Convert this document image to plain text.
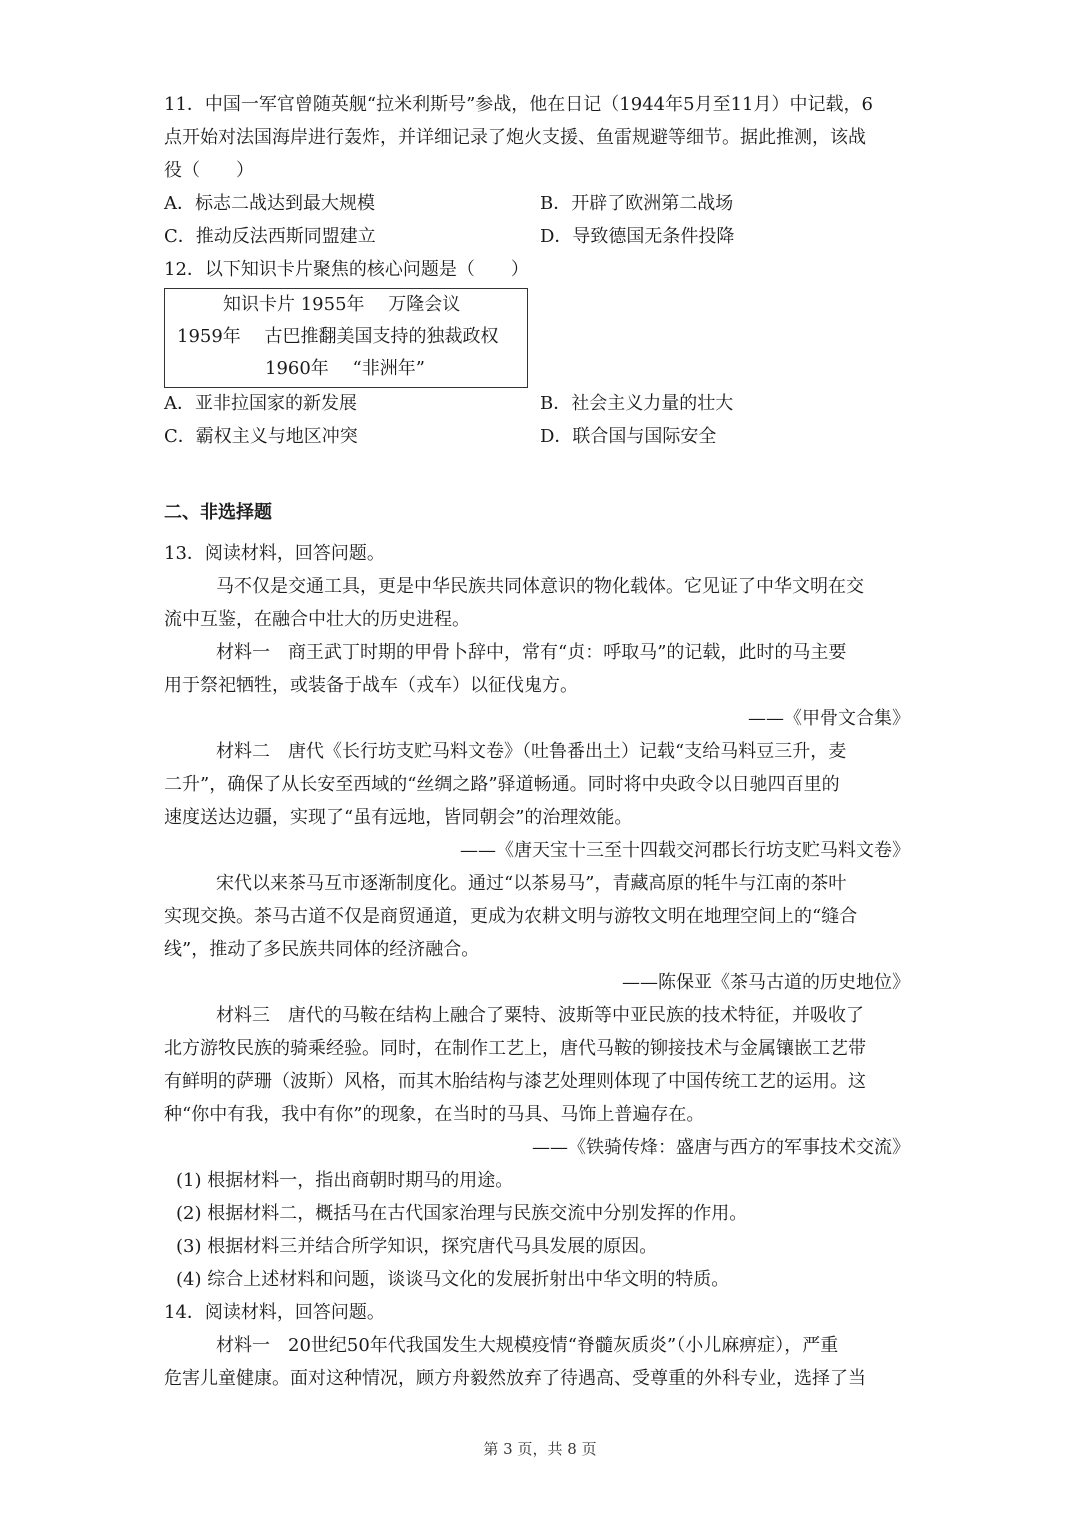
11．中国一军官曾随英舰“拉米利斯号”参战，他在日记（1944年5月至11月）中记载，6
点开始对法国海岸进行轰炸，并详细记录了炮火支援、鱼雷规避等细节。据此推测，该战
役（　　）
A．标志二战达到最大规模	B．开辟了欧洲第二战场
C．推动反法西斯同盟建立	D．导致德国无条件投降
12．以下知识卡片聚焦的核心问题是（　　）
知识卡片 1955年　 万隆会议
1959年　 古巴推翻美国支持的独裁政权
1960年　 “非洲年”
A．亚非拉国家的新发展	B．社会主义力量的壮大
C．霸权主义与地区冲突	D．联合国与国际安全
二、非选择题
13．阅读材料，回答问题。
马不仅是交通工具，更是中华民族共同体意识的物化载体。它见证了中华文明在交
流中互鉴，在融合中壮大的历史进程。
材料一　商王武丁时期的甲骨卜辞中，常有“贞：呼取马”的记载，此时的马主要
用于祭祀牺牲，或装备于战车（戎车）以征伐鬼方。
——《甲骨文合集》
材料二　唐代《长行坊支贮马料文卷》（吐鲁番出土）记载“支给马料豆三升，麦
二升”，确保了从长安至西域的“丝绸之路”驿道畅通。同时将中央政令以日驰四百里的
速度送达边疆，实现了“虽有远地，皆同朝会”的治理效能。
——《唐天宝十三至十四载交河郡长行坊支贮马料文卷》
宋代以来茶马互市逐渐制度化。通过“以茶易马”，青藏高原的牦牛与江南的茶叶
实现交换。茶马古道不仅是商贸通道，更成为农耕文明与游牧文明在地理空间上的“缝合
线”，推动了多民族共同体的经济融合。
——陈保亚《茶马古道的历史地位》
材料三　唐代的马鞍在结构上融合了粟特、波斯等中亚民族的技术特征，并吸收了
北方游牧民族的骑乘经验。同时，在制作工艺上，唐代马鞍的铆接技术与金属镶嵌工艺带
有鲜明的萨珊（波斯）风格，而其木胎结构与漆艺处理则体现了中国传统工艺的运用。这
种“你中有我，我中有你”的现象，在当时的马具、马饰上普遍存在。
——《铁骑传烽：盛唐与西方的军事技术交流》
(1) 根据材料一，指出商朝时期马的用途。
(2) 根据材料二，概括马在古代国家治理与民族交流中分别发挥的作用。
(3) 根据材料三并结合所学知识，探究唐代马具发展的原因。
(4) 综合上述材料和问题，谈谈马文化的发展折射出中华文明的特质。
14．阅读材料，回答问题。
材料一　20世纪50年代我国发生大规模疫情“脊髓灰质炎”（小儿麻痹症），严重
危害儿童健康。面对这种情况，顾方舟毅然放弃了待遇高、受尊重的外科专业，选择了当
第 3 页，共 8 页
